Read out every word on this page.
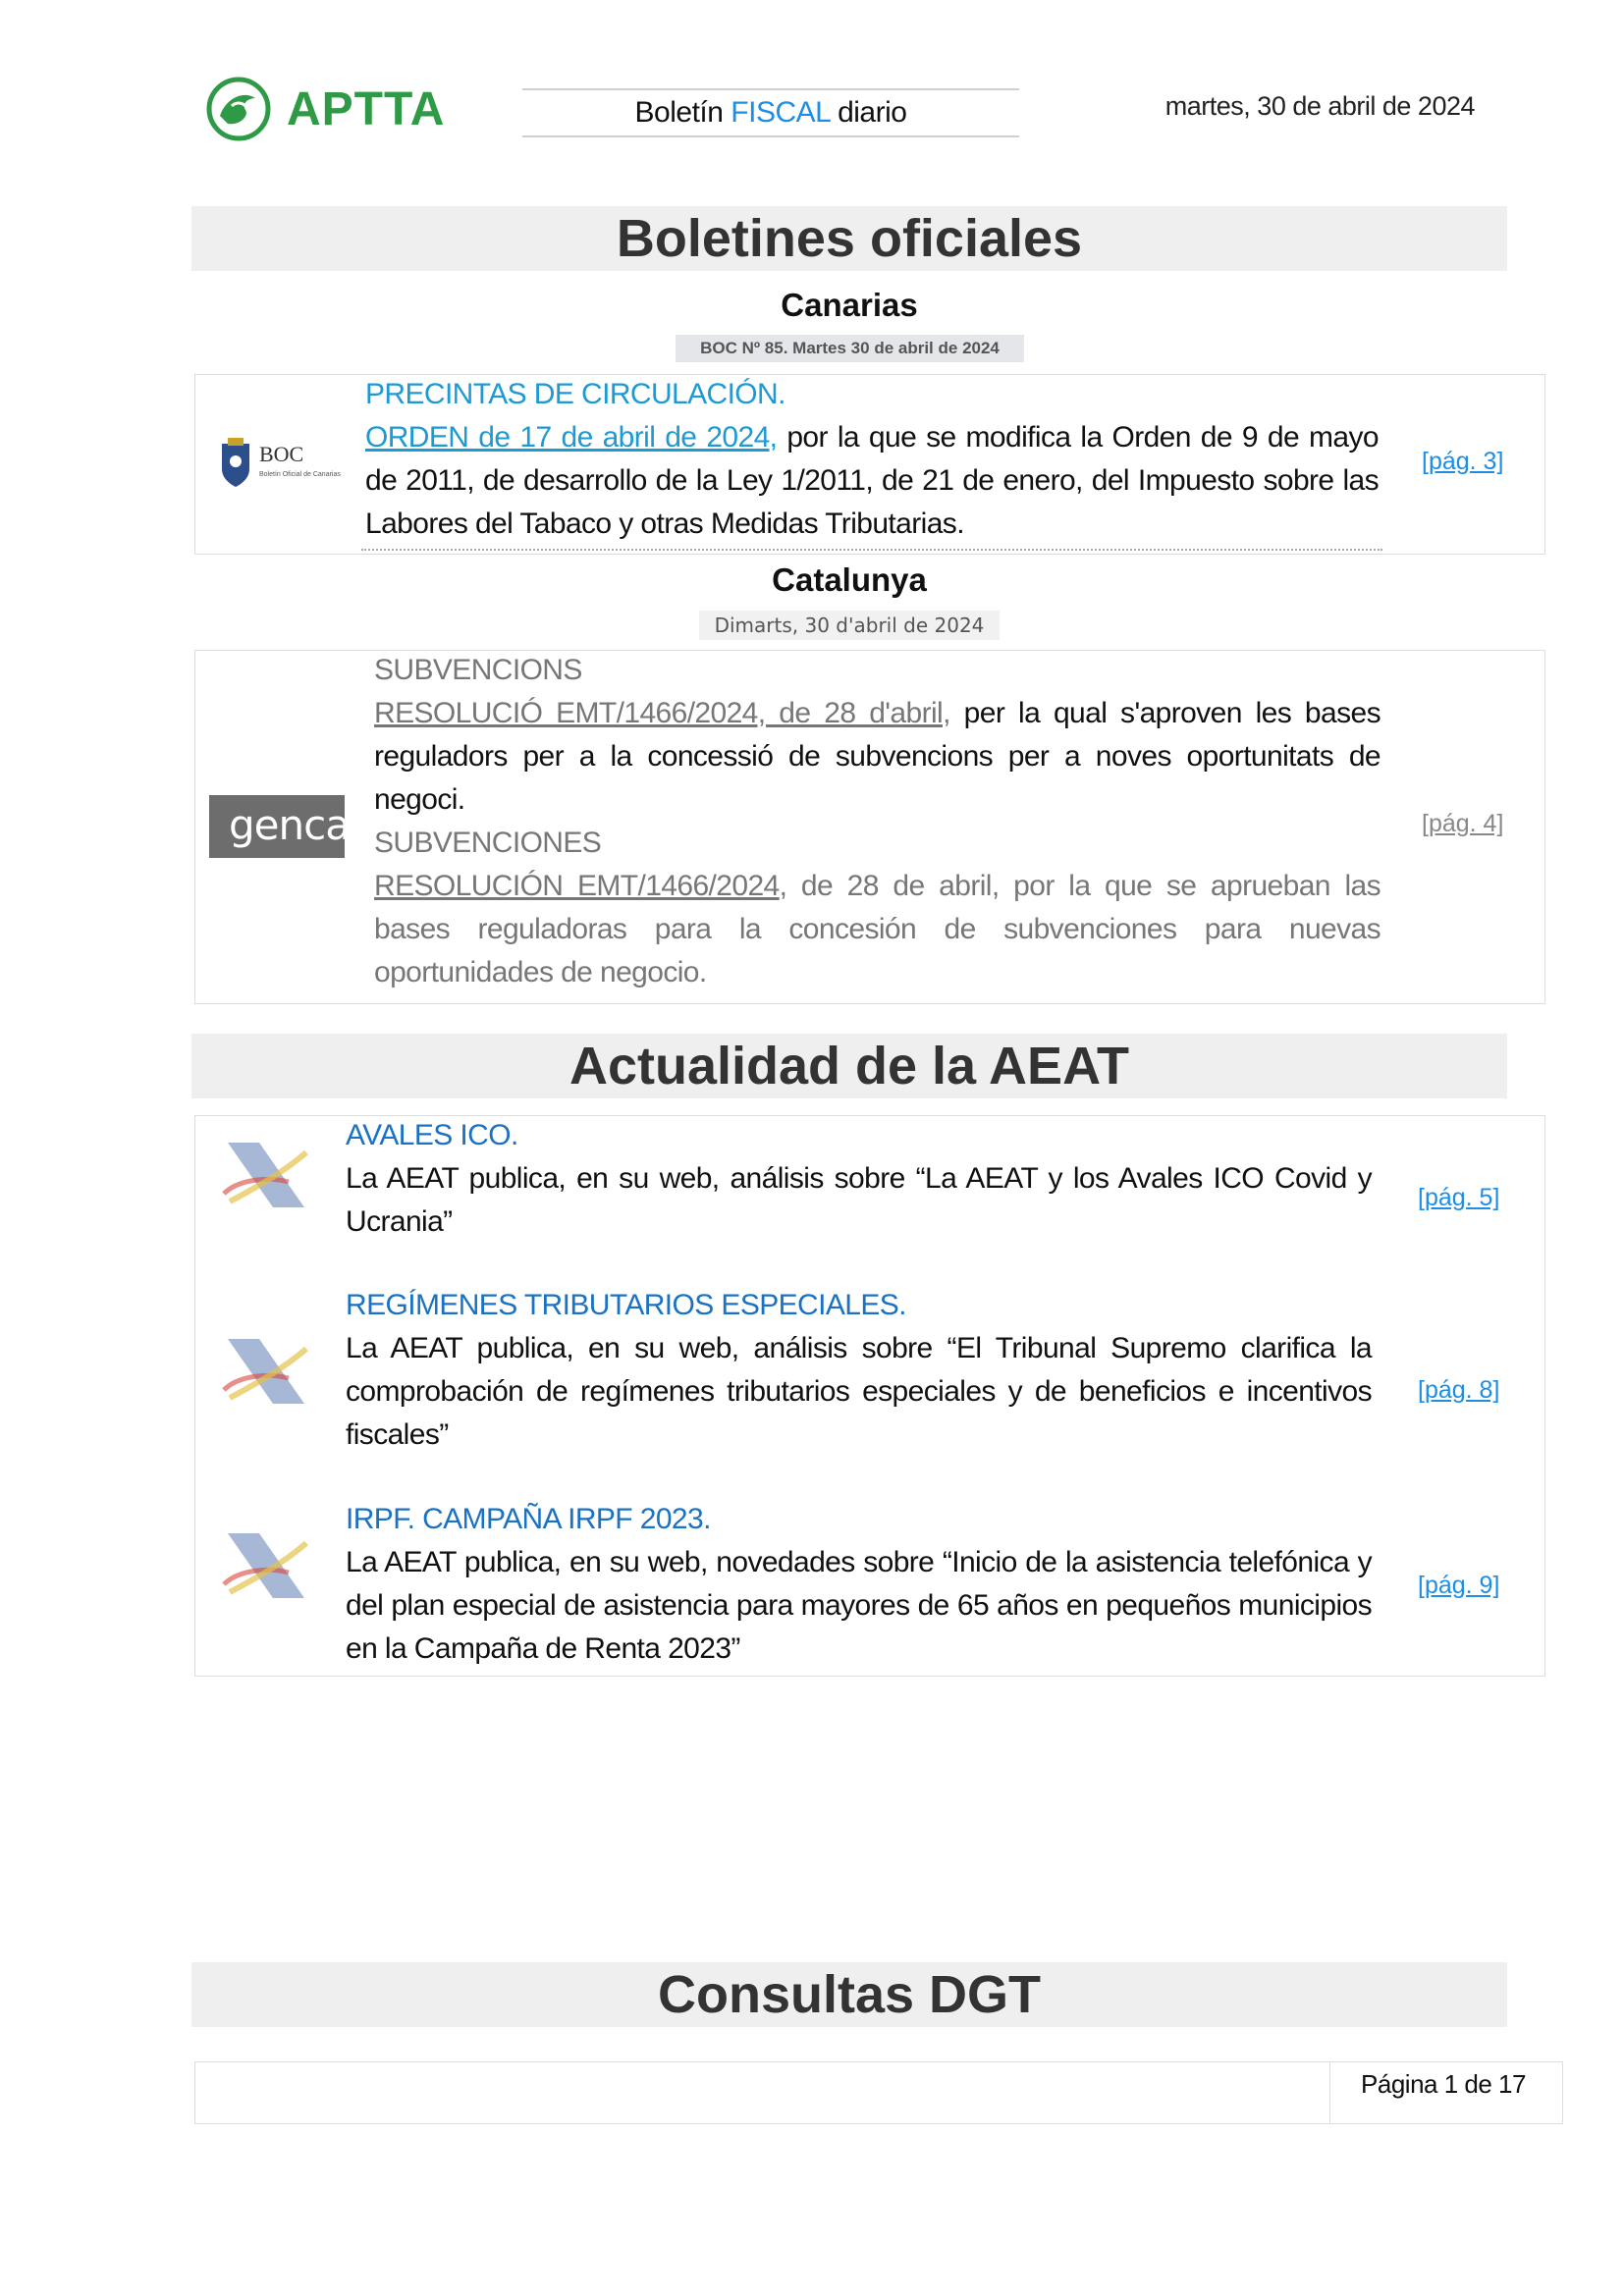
APTTA	Boletín FISCAL diario	martes, 30 de abril de 2024
Boletines oficiales
Canarias
BOC Nº 85. Martes 30 de abril de 2024
BOC
Boletín Oficial de Canarias
PRECINTAS DE CIRCULACIÓN.
ORDEN de 17 de abril de 2024, por la que se modifica la Orden de 9 de mayo de 2011, de desarrollo de la Ley 1/2011, de 21 de enero, del Impuesto sobre las Labores del Tabaco y otras Medidas Tributarias.
[pág. 3]
Catalunya
Dimarts, 30 d'abril de 2024
gencat
SUBVENCIONS
RESOLUCIÓ EMT/1466/2024, de 28 d'abril, per la qual s'aproven les bases reguladors per a la concessió de subvencions per a noves oportunitats de negoci.
SUBVENCIONES
RESOLUCIÓN EMT/1466/2024, de 28 de abril, por la que se aprueban las bases reguladoras para la concesión de subvenciones para nuevas oportunidades de negocio.
[pág. 4]
Actualidad de la AEAT
AVALES ICO.
La AEAT publica, en su web, análisis sobre “La AEAT y los Avales ICO Covid y Ucrania”
[pág. 5]
REGÍMENES TRIBUTARIOS ESPECIALES.
La AEAT publica, en su web, análisis sobre “El Tribunal Supremo clarifica la comprobación de regímenes tributarios especiales y de beneficios e incentivos fiscales”
[pág. 8]
IRPF. CAMPAÑA IRPF 2023.
La AEAT publica, en su web, novedades sobre “Inicio de la asistencia telefónica y del plan especial de asistencia para mayores de 65 años en pequeños municipios en la Campaña de Renta 2023”
[pág. 9]
Consultas DGT
Página 1 de 17
